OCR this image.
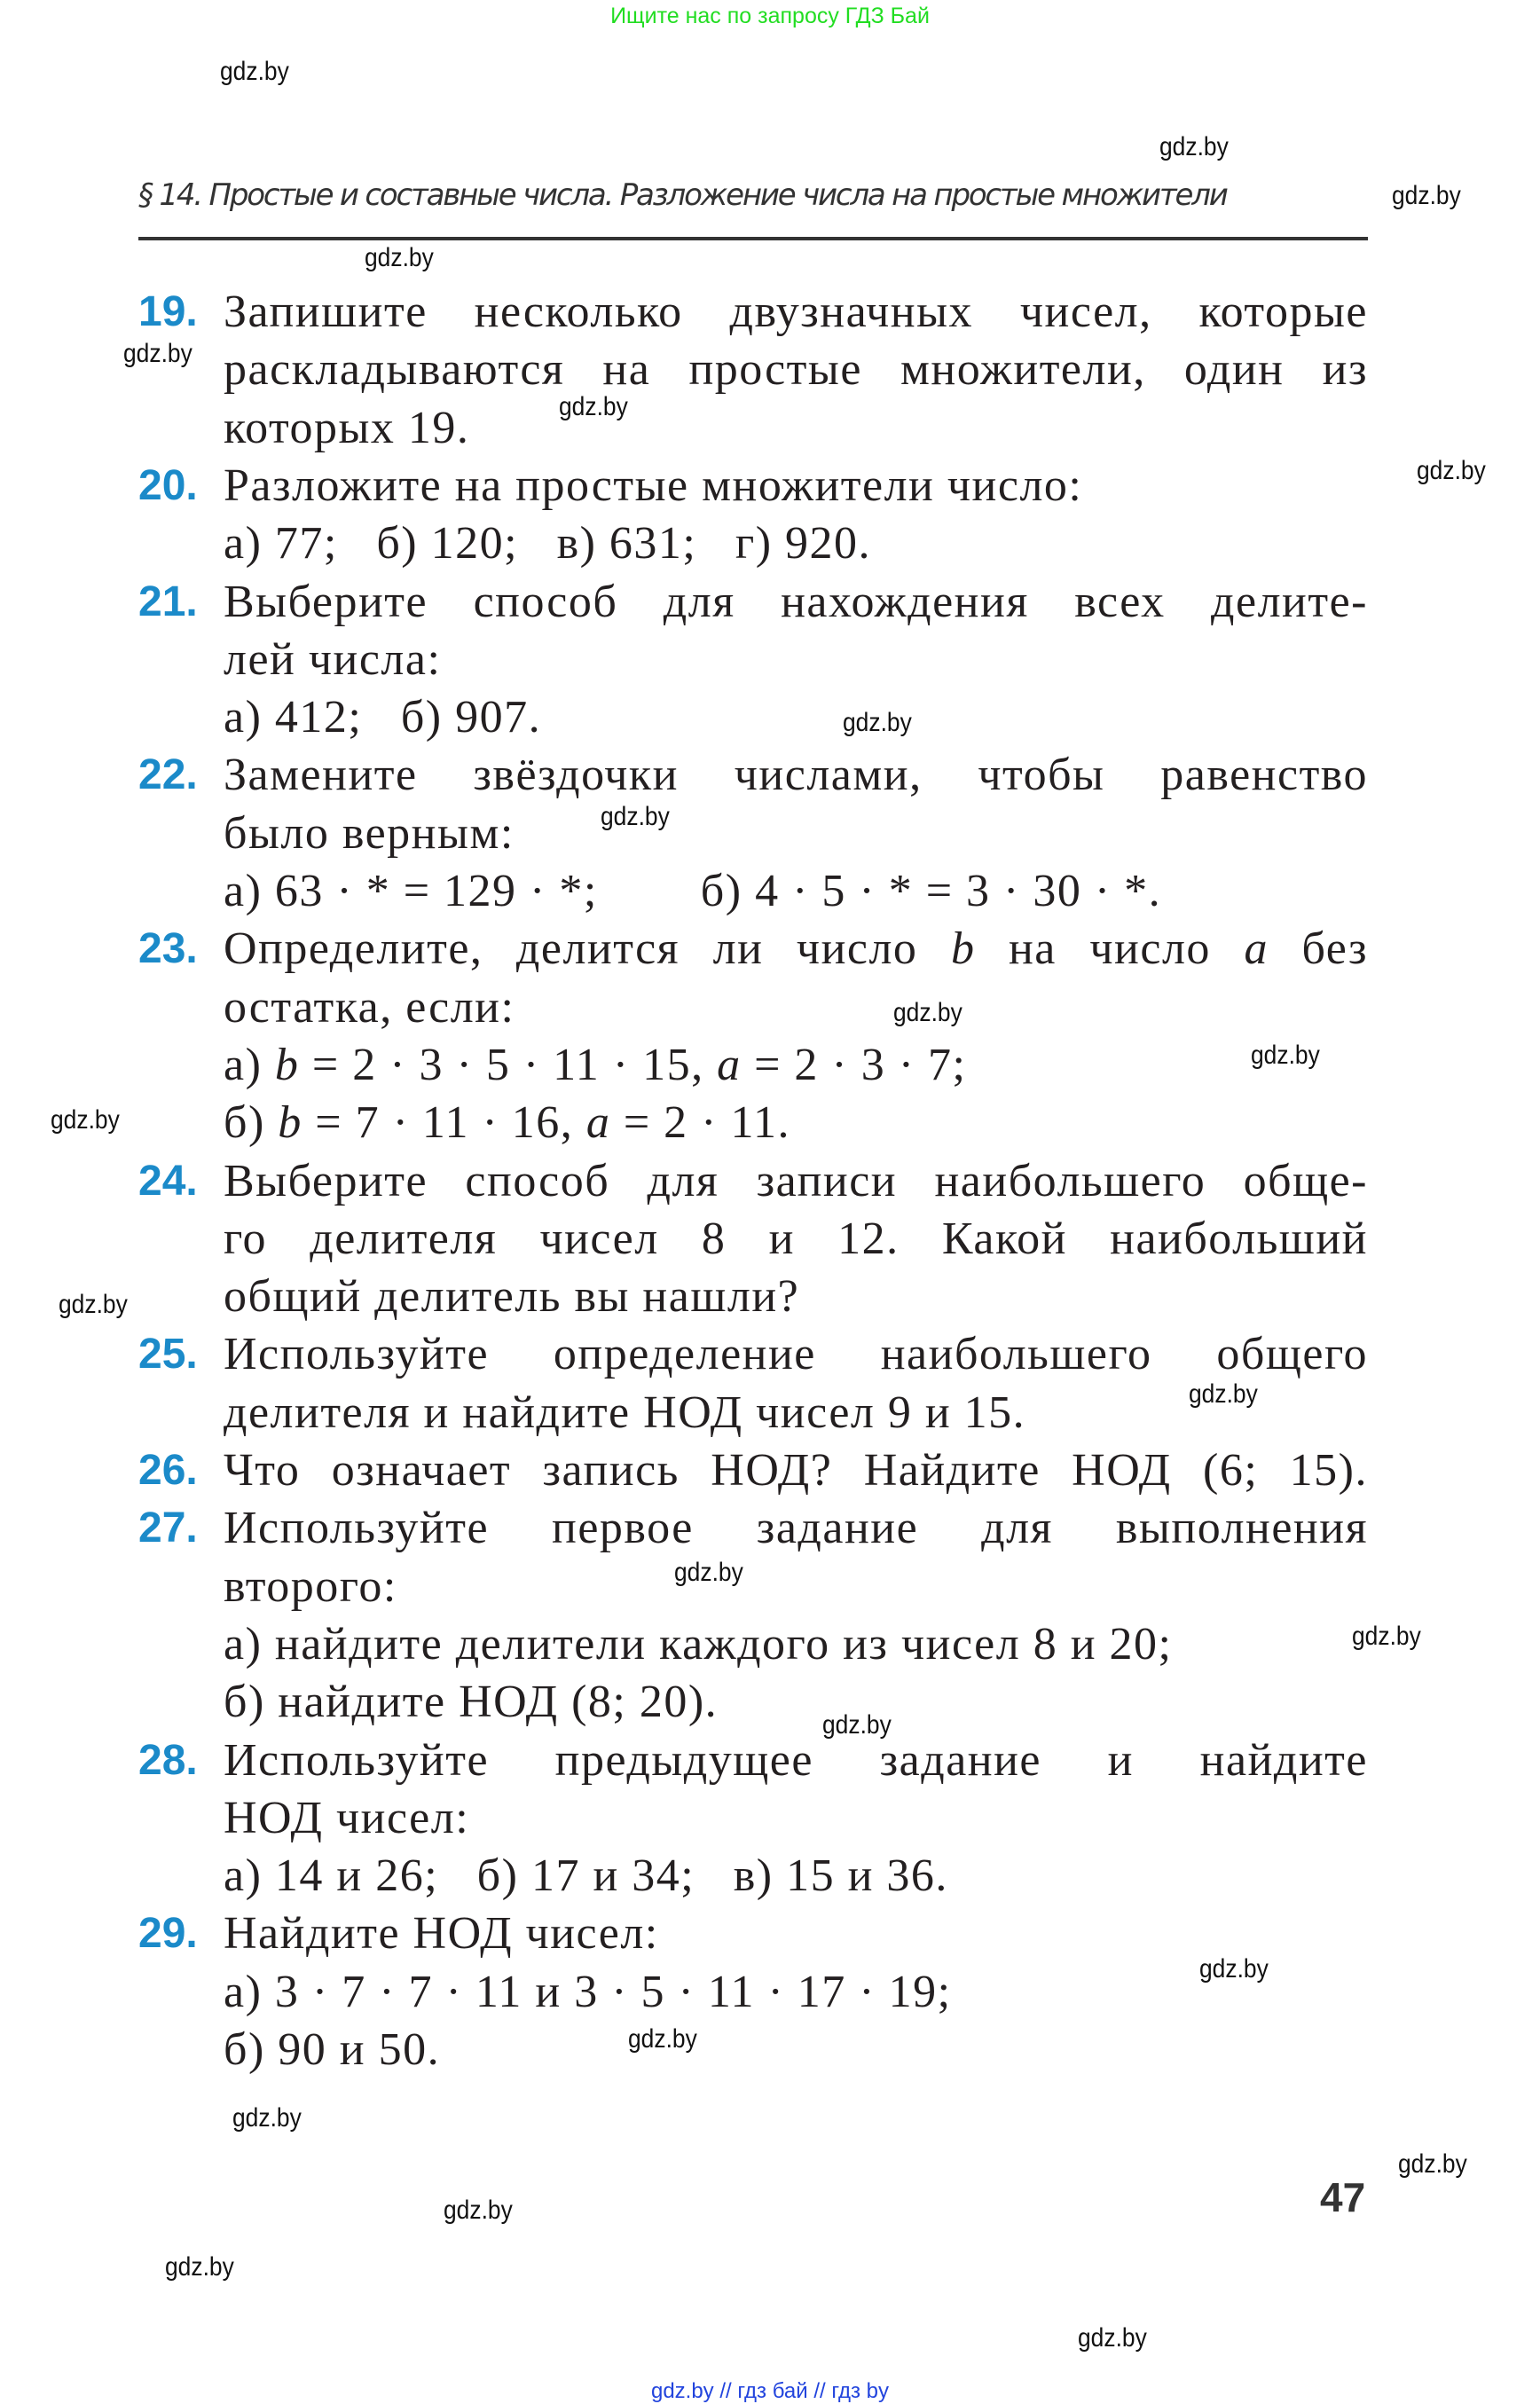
Ищите нас по запросу ГДЗ Бай
§ 14. Простые и составные числа. Разложение числа на простые множители
19. Запишите несколько двузначных чисел, которые
раскладываются на простые множители, один из
которых 19.
20. Разложите на простые множители число:
а) 77;   б) 120;   в) 631;   г) 920.
21. Выберите способ для нахождения всех делите-
лей числа:
а) 412;   б) 907.
22. Замените звёздочки числами, чтобы равенство
было верным:
а) 63 · * = 129 · *;        б) 4 · 5 · * = 3 · 30 · *.
23. Определите, делится ли число b на число a без
остатка, если:
а) b = 2 · 3 · 5 · 11 · 15, a = 2 · 3 · 7;
б) b = 7 · 11 · 16, a = 2 · 11.
24. Выберите способ для записи наибольшего обще-
го делителя чисел 8 и 12. Какой наибольший
общий делитель вы нашли?
25. Используйте определение наибольшего общего
делителя и найдите НОД чисел 9 и 15.
26. Что означает запись НОД? Найдите НОД (6; 15).
27. Используйте первое задание для выполнения
второго:
а) найдите делители каждого из чисел 8 и 20;
б) найдите НОД (8; 20).
28. Используйте предыдущее задание и найдите
НОД чисел:
а) 14 и 26;   б) 17 и 34;   в) 15 и 36.
29. Найдите НОД чисел:
а) 3 · 7 · 7 · 11 и 3 · 5 · 11 · 17 · 19;
б) 90 и 50.
gdz.by
gdz.by
gdz.by
gdz.by
gdz.by
gdz.by
gdz.by
gdz.by
gdz.by
gdz.by
gdz.by
gdz.by
gdz.by
gdz.by
gdz.by
gdz.by
gdz.by
gdz.by
gdz.by
gdz.by
gdz.by
gdz.by
gdz.by
gdz.by
47
gdz.by // гдз бай // гдз by
